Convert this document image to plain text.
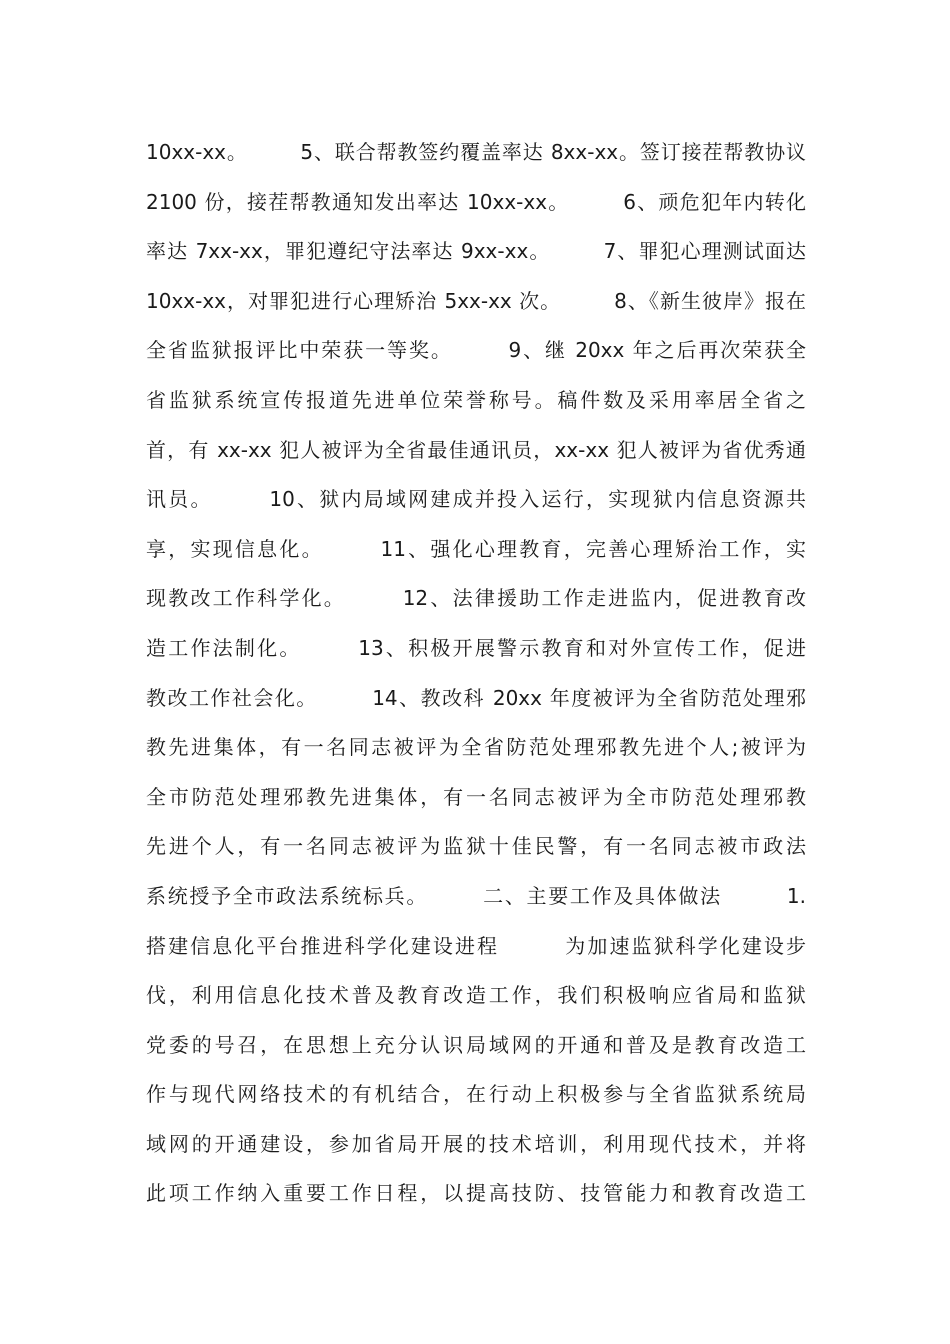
10xx-xx。　　　5、联合帮教签约覆盖率达 8xx-xx。签订接茬帮教协议
2100 份，接茬帮教通知发出率达 10xx-xx。　　　6、顽危犯年内转化
率达 7xx-xx，罪犯遵纪守法率达 9xx-xx。　　　7、罪犯心理测试面达
10xx-xx，对罪犯进行心理矫治 5xx-xx 次。　　　8、《新生彼岸》报在
全省监狱报评比中荣获一等奖。　　　9、继 20xx 年之后再次荣获全
省监狱系统宣传报道先进单位荣誉称号。稿件数及采用率居全省之
首，有 xx-xx 犯人被评为全省最佳通讯员，xx-xx 犯人被评为省优秀通
讯员。　　　10、狱内局域网建成并投入运行，实现狱内信息资源共
享，实现信息化。　　　11、强化心理教育，完善心理矫治工作，实
现教改工作科学化。　　　12、法律援助工作走进监内，促进教育改
造工作法制化。　　　13、积极开展警示教育和对外宣传工作，促进
教改工作社会化。　　　14、教改科 20xx 年度被评为全省防范处理邪
教先进集体，有一名同志被评为全省防范处理邪教先进个人;被评为
全市防范处理邪教先进集体，有一名同志被评为全市防范处理邪教
先进个人，有一名同志被评为监狱十佳民警，有一名同志被市政法
系统授予全市政法系统标兵。　　　二、主要工作及具体做法　　　1.
搭建信息化平台推进科学化建设进程　　　为加速监狱科学化建设步
伐，利用信息化技术普及教育改造工作，我们积极响应省局和监狱
党委的号召，在思想上充分认识局域网的开通和普及是教育改造工
作与现代网络技术的有机结合，在行动上积极参与全省监狱系统局
域网的开通建设，参加省局开展的技术培训，利用现代技术，并将
此项工作纳入重要工作日程，以提高技防、技管能力和教育改造工
